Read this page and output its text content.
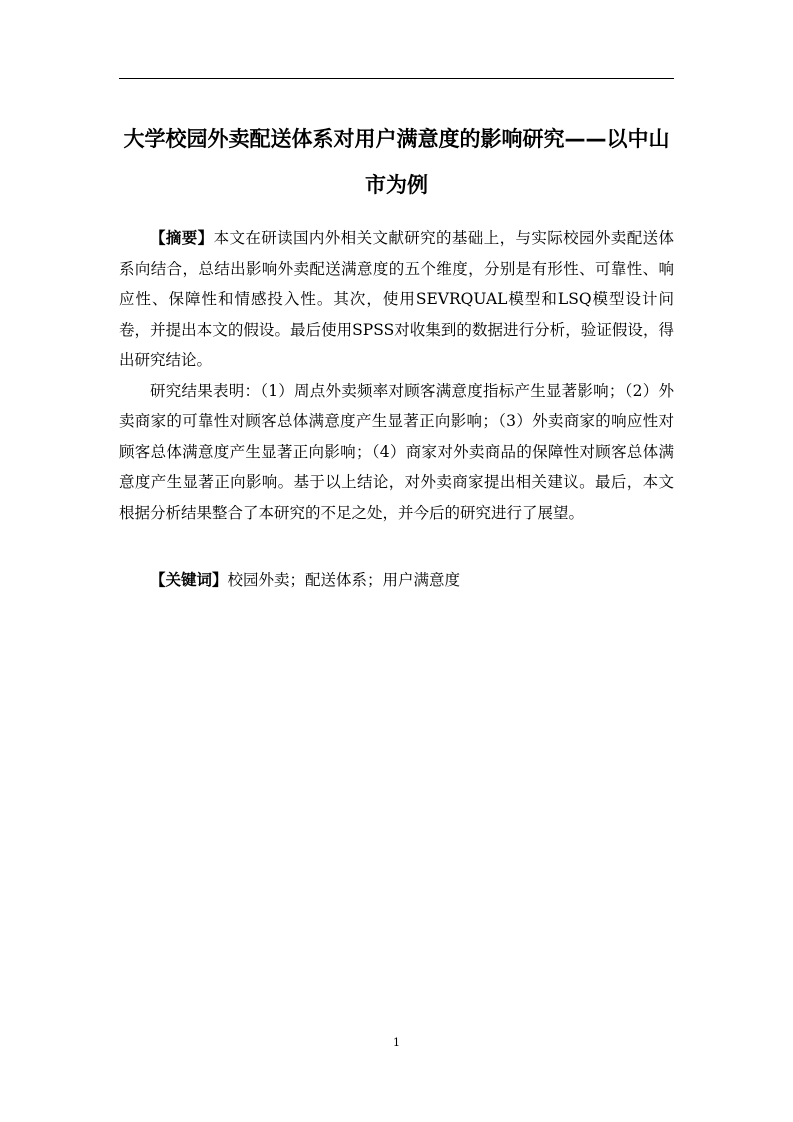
大学校园外卖配送体系对用户满意度的影响研究——以中山市为例

【摘要】本文在研读国内外相关文献研究的基础上，与实际校园外卖配送体系向结合，总结出影响外卖配送满意度的五个维度，分别是有形性、可靠性、响应性、保障性和情感投入性。其次，使用SEVRQUAL模型和LSQ模型设计问卷，并提出本文的假设。最后使用SPSS对收集到的数据进行分析，验证假设，得出研究结论。

研究结果表明：（1）周点外卖频率对顾客满意度指标产生显著影响；（2）外卖商家的可靠性对顾客总体满意度产生显著正向影响；（3）外卖商家的响应性对顾客总体满意度产生显著正向影响；（4）商家对外卖商品的保障性对顾客总体满意度产生显著正向影响。基于以上结论，对外卖商家提出相关建议。最后，本文根据分析结果整合了本研究的不足之处，并今后的研究进行了展望。

【关键词】校园外卖；配送体系；用户满意度

1
